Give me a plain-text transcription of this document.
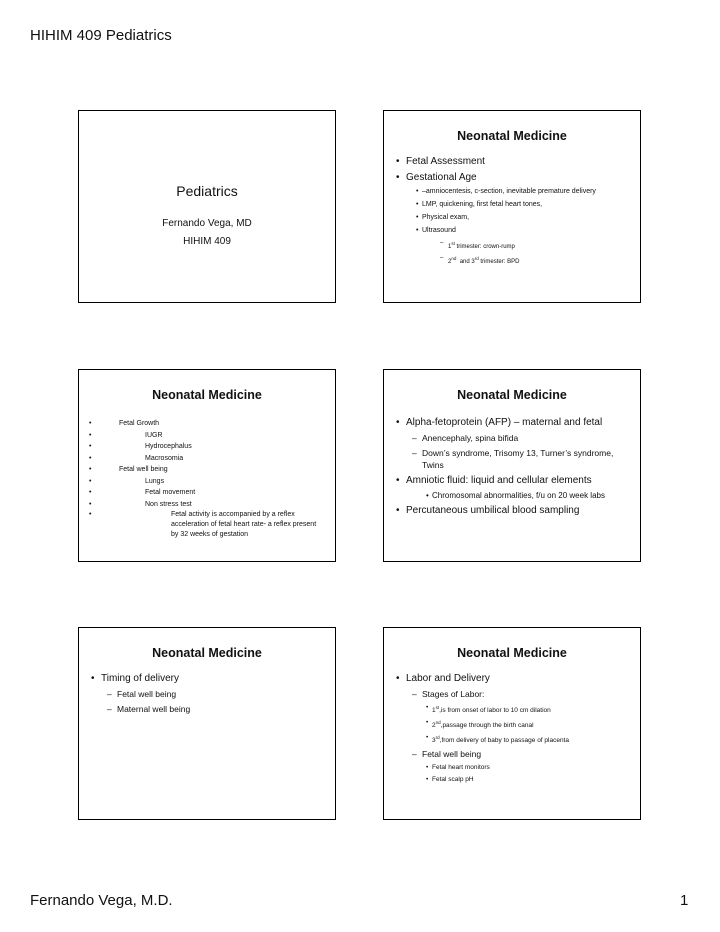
HIHIM 409 Pediatrics
Pediatrics
Fernando Vega, MD
HIHIM 409
Neonatal Medicine
• Fetal Assessment
• Gestational Age
• –amniocentesis, c-section, inevitable premature delivery
• LMP, quickening, first fetal heart tones,
• Physical exam,
• Ultrasound
– 1st trimester: crown-rump
– 2nd  and 3rd trimester: BPD
Neonatal Medicine
• Fetal Growth
• IUGR
• Hydrocephalus
• Macrosomia
• Fetal well being
• Lungs
• Fetal movement
• Non stress test
• Fetal activity is accompanied by a reflex acceleration of fetal heart rate- a reflex present by 32 weeks of gestation
Neonatal Medicine
• Alpha-fetoprotein (AFP) – maternal and fetal
– Anencephaly, spina bifida
– Down’s syndrome, Trisomy 13, Turner’s syndrome, Twins
• Amniotic fluid: liquid and cellular elements
• Chromosomal abnormalities, f/u on 20 week labs
• Percutaneous umbilical blood sampling
Neonatal Medicine
• Timing of delivery
– Fetal well being
– Maternal well being
Neonatal Medicine
• Labor and Delivery
– Stages of Labor:
• 1st,is from onset of labor to 10 cm dilation
• 2nd,passage through the birth canal
• 3rd,from delivery of baby to passage of placenta
– Fetal well being
• Fetal heart monitors
• Fetal scalp pH
Fernando Vega, M.D.	1
